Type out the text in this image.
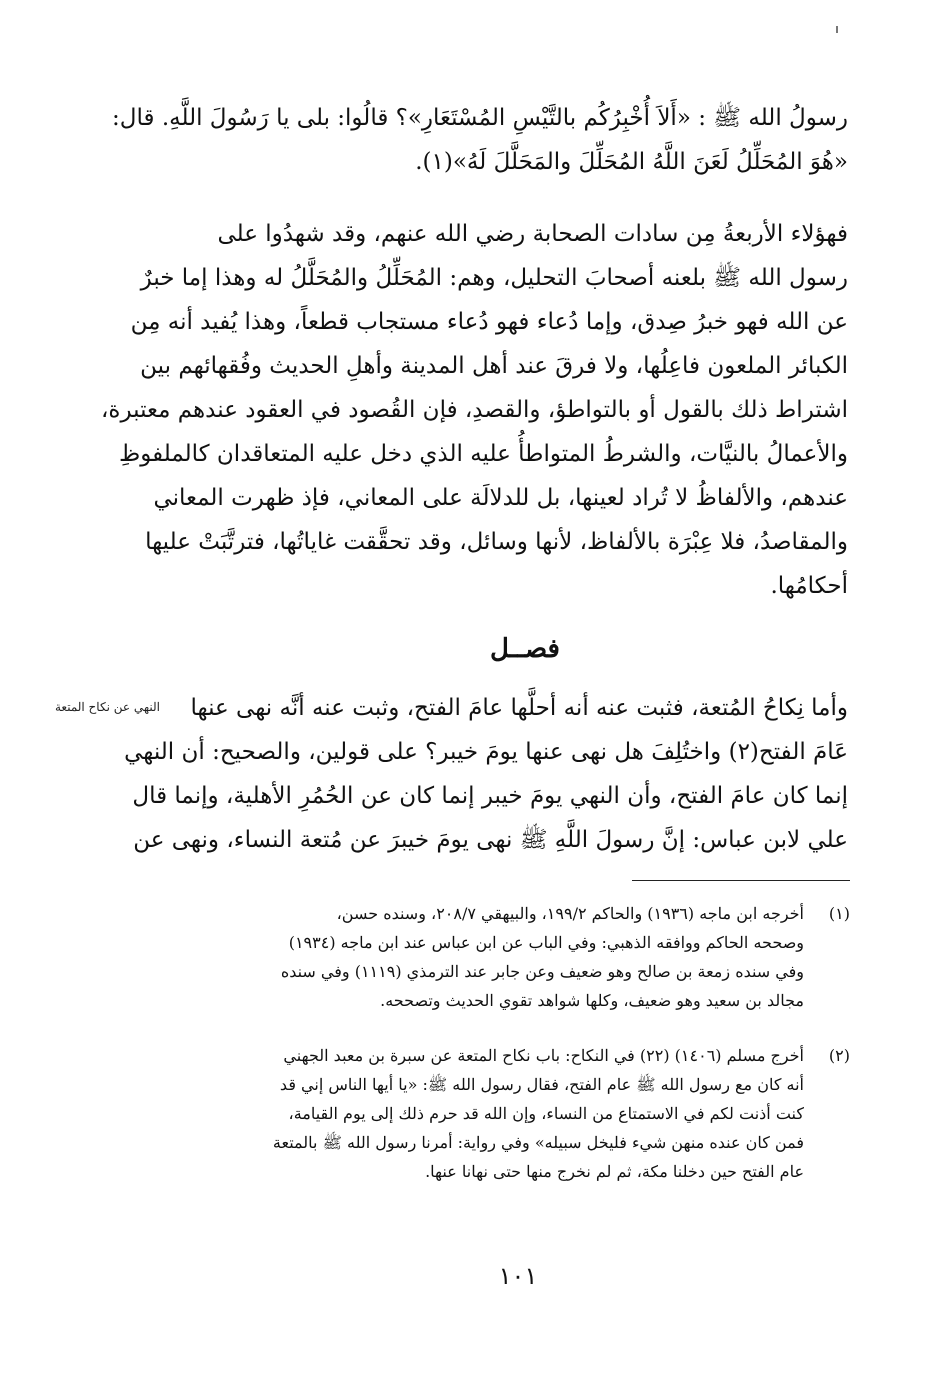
رسولُ الله ﷺ : «أَلاَ أُخْبِرُكُم بالتَّيْسِ المُسْتَعَارِ»؟ قالُوا: بلى يا رَسُولَ اللَّهِ. قال:
«هُوَ المُحَلِّلُ لَعَنَ اللَّهُ المُحَلِّلَ والمَحَلَّلَ لَهُ»(١).
فهؤلاء الأربعةُ مِن سادات الصحابة رضي الله عنهم، وقد شهدُوا على
رسول الله ﷺ بلعنه أصحابَ التحليل، وهم: المُحَلِّلُ والمُحَلَّلُ له وهذا إما خبرٌ
عن الله فهو خبرُ صِدق، وإما دُعاء فهو دُعاء مستجاب قطعاً، وهذا يُفيد أنه مِن
الكبائر الملعون فاعِلُها، ولا فرقَ عند أهل المدينة وأهلِ الحديث وفُقهائهم بين
اشتراط ذلك بالقول أو بالتواطؤ، والقصدِ، فإن القُصود في العقود عندهم معتبرة،
والأعمالُ بالنيَّات، والشرطُ المتواطأُ عليه الذي دخل عليه المتعاقدان كالملفوظِ
عندهم، والألفاظُ لا تُراد لعينها، بل للدلالَة على المعاني، فإذ ظهرت المعاني
والمقاصدُ، فلا عِبْرَة بالألفاظ، لأنها وسائل، وقد تحقَّقت غاياتُها، فترتَّبَتْ عليها
أحكامُها.
فصــل
النهي عن نكاح المتعة	وأما نِكاحُ المُتعة، فثبت عنه أنه أحلَّها عامَ الفتح، وثبت عنه أنَّه نهى عنها
عَامَ الفتح(٢) واختُلِفَ هل نهى عنها يومَ خيبر؟ على قولين، والصحيح: أن النهي
إنما كان عامَ الفتح، وأن النهي يومَ خيبر إنما كان عن الحُمُرِ الأهلية، وإنما قال
علي لابن عباس: إنَّ رسولَ اللَّهِ ﷺ نهى يومَ خيبرَ عن مُتعة النساء، ونهى عن
(١)
أخرجه ابن ماجه (١٩٣٦) والحاكم ١٩٩/٢، والبيهقي ٢٠٨/٧، وسنده حسن،
وصححه الحاكم ووافقه الذهبي: وفي الباب عن ابن عباس عند ابن ماجه (١٩٣٤)
وفي سنده زمعة بن صالح وهو ضعيف وعن جابر عند الترمذي (١١١٩) وفي سنده
مجالد بن سعيد وهو ضعيف، وكلها شواهد تقوي الحديث وتصححه.
(٢)
أخرج مسلم (١٤٠٦) (٢٢) في النكاح: باب نكاح المتعة عن سبرة بن معبد الجهني
أنه كان مع رسول الله ﷺ عام الفتح، فقال رسول الله ﷺ: «يا أيها الناس إني قد
كنت أذنت لكم في الاستمتاع من النساء، وإن الله قد حرم ذلك إلى يوم القيامة،
فمن كان عنده منهن شيء فليخل سبيله» وفي رواية: أمرنا رسول الله ﷺ بالمتعة
عام الفتح حين دخلنا مكة، ثم لم نخرج منها حتى نهانا عنها.
١٠١
